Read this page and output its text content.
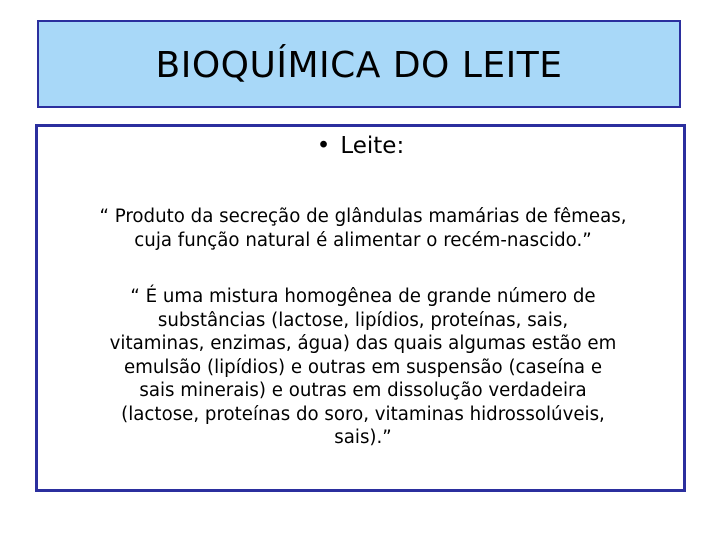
BIOQUÍMICA DO LEITE
• Leite:

“ Produto da secreção de glândulas mamárias de fêmeas,
cuja função natural é alimentar o recém-nascido.”

“ É uma mistura homogênea de grande número de
substâncias (lactose, lipídios, proteínas, sais,
vitaminas, enzimas, água) das quais algumas estão em
emulsão (lipídios) e outras em suspensão (caseína e
sais minerais) e outras em dissolução verdadeira
(lactose, proteínas do soro, vitaminas hidrossolúveis,
sais).”
